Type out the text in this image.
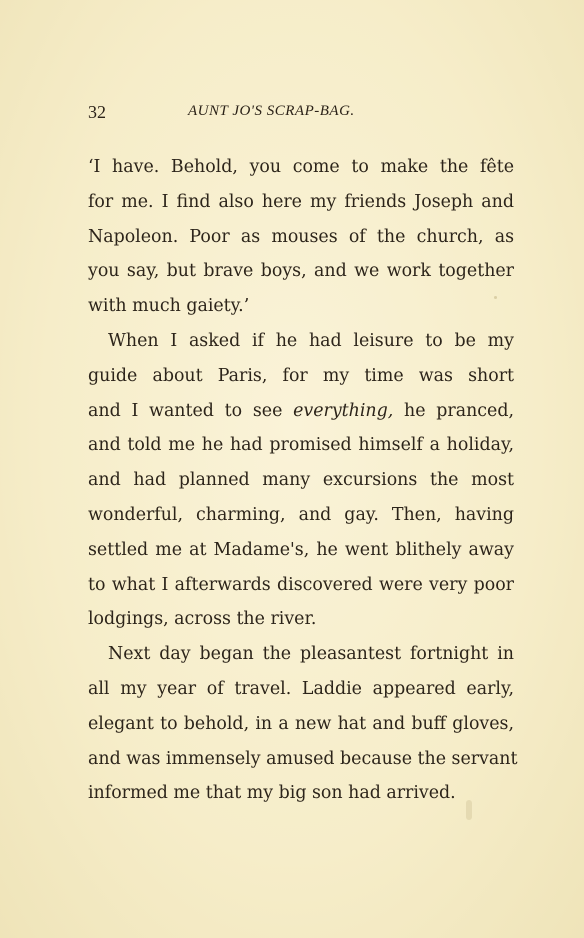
32	AUNT JO'S SCRAP-BAG.
‘I have. Behold, you come to make the fête
for me. I find also here my friends Joseph and
Napoleon. Poor as mouses of the church, as
you say, but brave boys, and we work together
with much gaiety.’
When I asked if he had leisure to be my
guide about Paris, for my time was short
and I wanted to see everything, he pranced,
and told me he had promised himself a holiday,
and had planned many excursions the most
wonderful, charming, and gay. Then, having
settled me at Madame's, he went blithely away
to what I afterwards discovered were very poor
lodgings, across the river.
Next day began the pleasantest fortnight in
all my year of travel. Laddie appeared early,
elegant to behold, in a new hat and buff gloves,
and was immensely amused because the servant
informed me that my big son had arrived.
